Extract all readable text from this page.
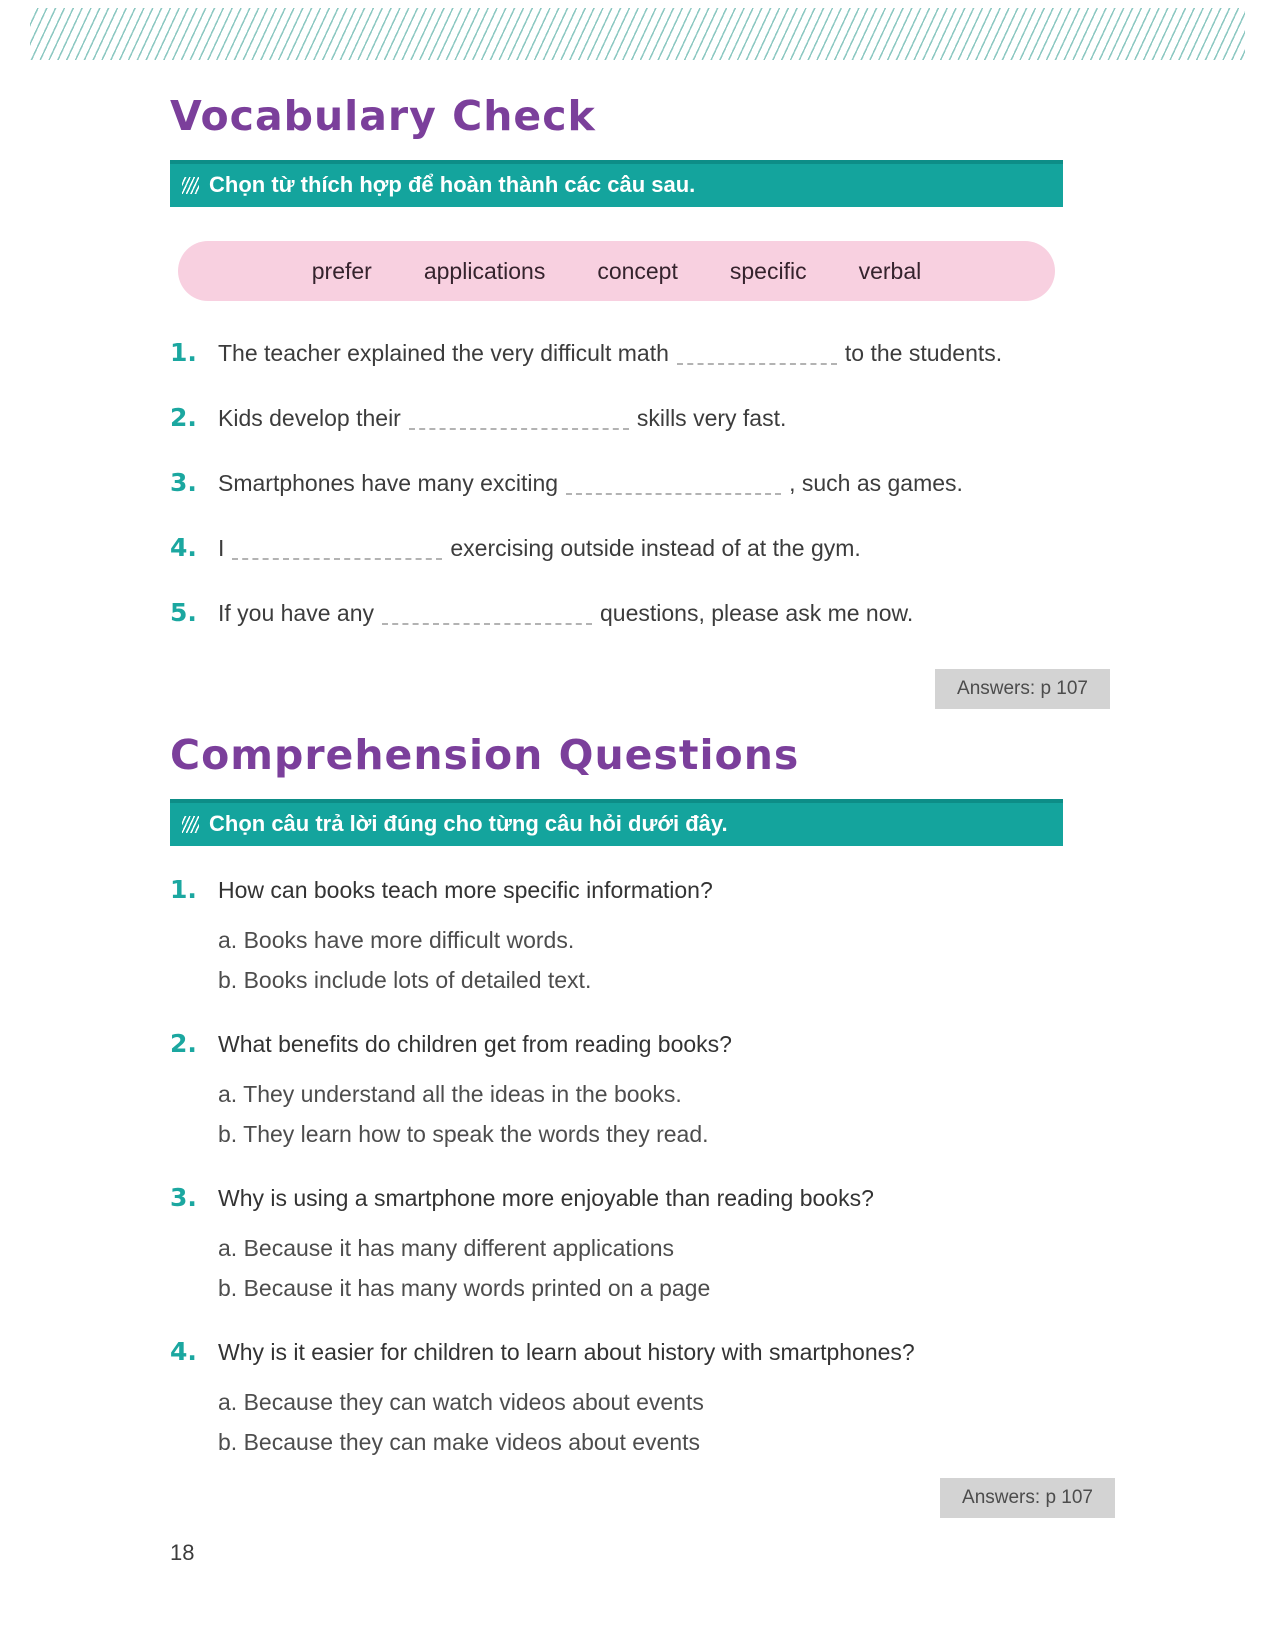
Vocabulary Check
Chọn từ thích hợp để hoàn thành các câu sau.
prefer applications concept specific verbal
1. The teacher explained the very difficult math	to the students.
2. Kids develop their	skills very fast.
3. Smartphones have many exciting	, such as games.
4. I	exercising outside instead of at the gym.
5. If you have any	questions, please ask me now.
Answers: p 107
Comprehension Questions
Chọn câu trả lời đúng cho từng câu hỏi dưới đây.
1. How can books teach more specific information?
a. Books have more difficult words.
b. Books include lots of detailed text.
2. What benefits do children get from reading books?
a. They understand all the ideas in the books.
b. They learn how to speak the words they read.
3. Why is using a smartphone more enjoyable than reading books?
a. Because it has many different applications
b. Because it has many words printed on a page
4. Why is it easier for children to learn about history with smartphones?
a. Because they can watch videos about events
b. Because they can make videos about events
Answers: p 107
18
